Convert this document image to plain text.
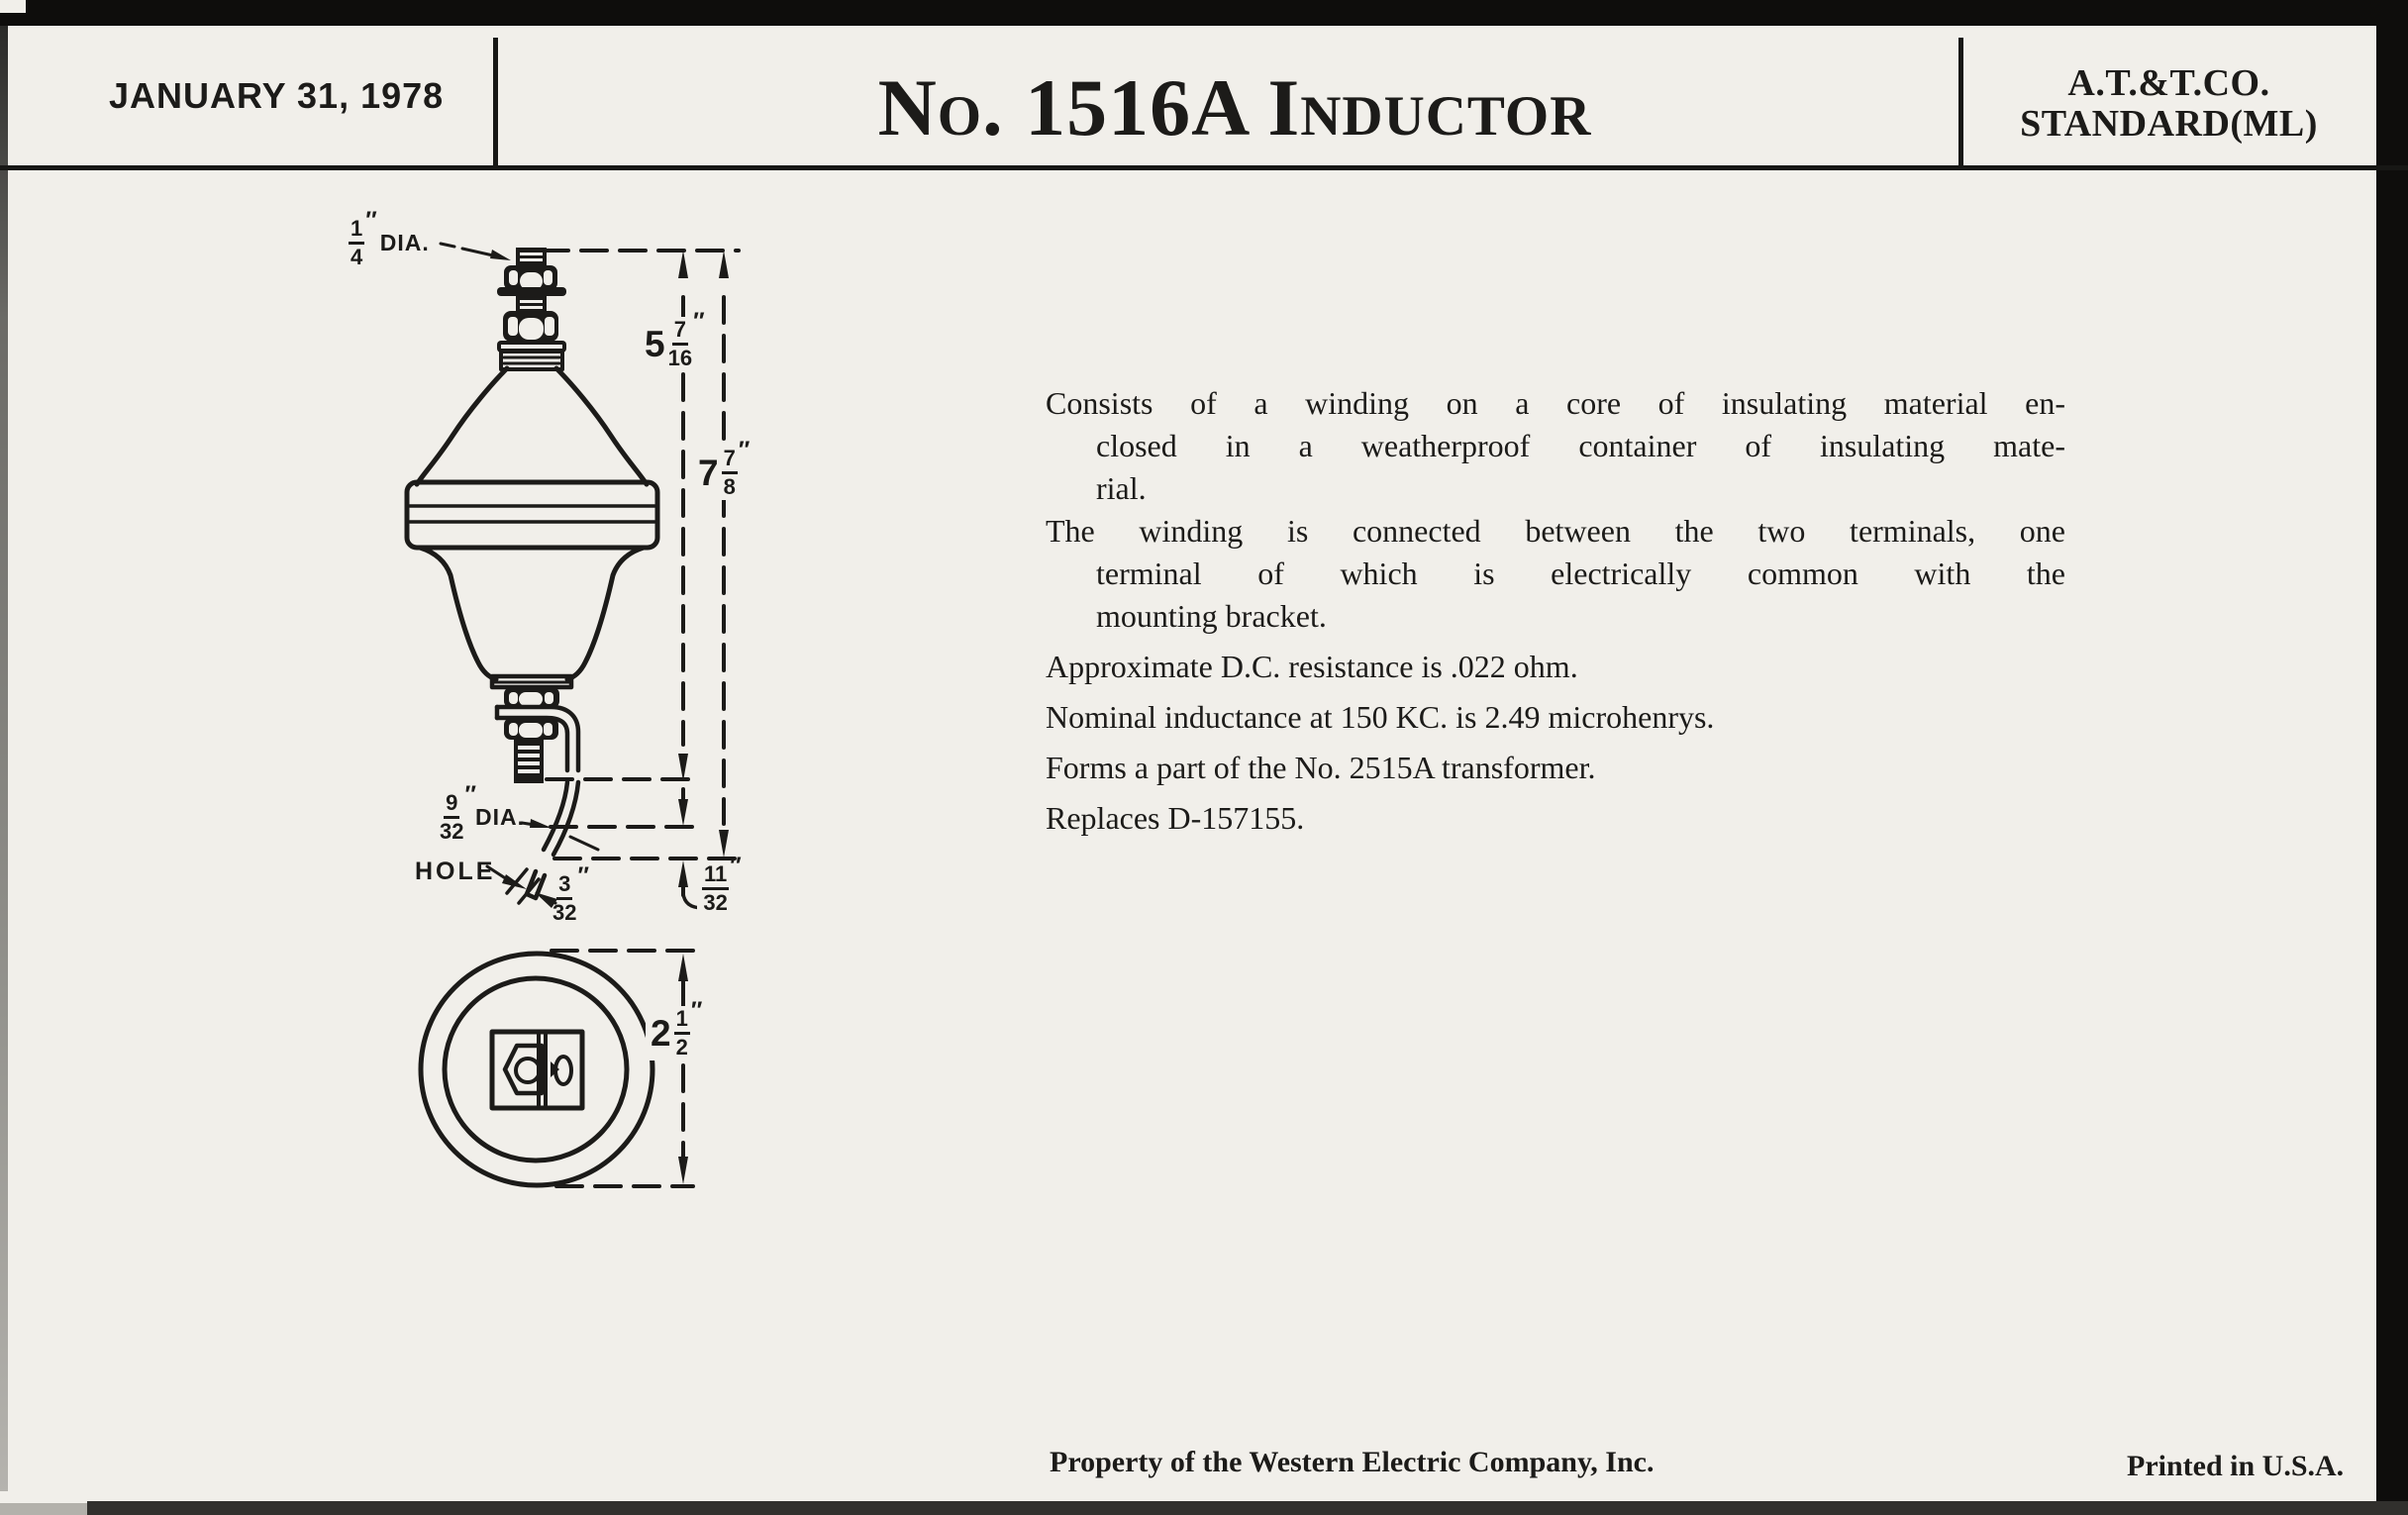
JANUARY 31, 1978	No. 1516A Inductor	A.T.&T.CO.
STANDARD(ML)
$\frac{1}{4}$ ″
DIA.
$5 \frac{7}{16}$ ″
$7 \frac{7}{8}$ ″
$\frac{9}{32}$ ″
DIA.
HOLE
$\frac{3}{32}$ ″	$\frac{11}{32}$ ″
$2 \frac{1}{2}$ ″
Consists of a winding on a core of insulating material en-
closed in a weatherproof container of insulating mate-
rial.
The winding is connected between the two terminals, one
terminal of which is electrically common with the
mounting bracket.
Approximate D.C. resistance is .022 ohm.
Nominal inductance at 150 KC. is 2.49 microhenrys.
Forms a part of the No. 2515A transformer.
Replaces D-157155.
Property of the Western Electric Company, Inc.	Printed in U.S.A.
